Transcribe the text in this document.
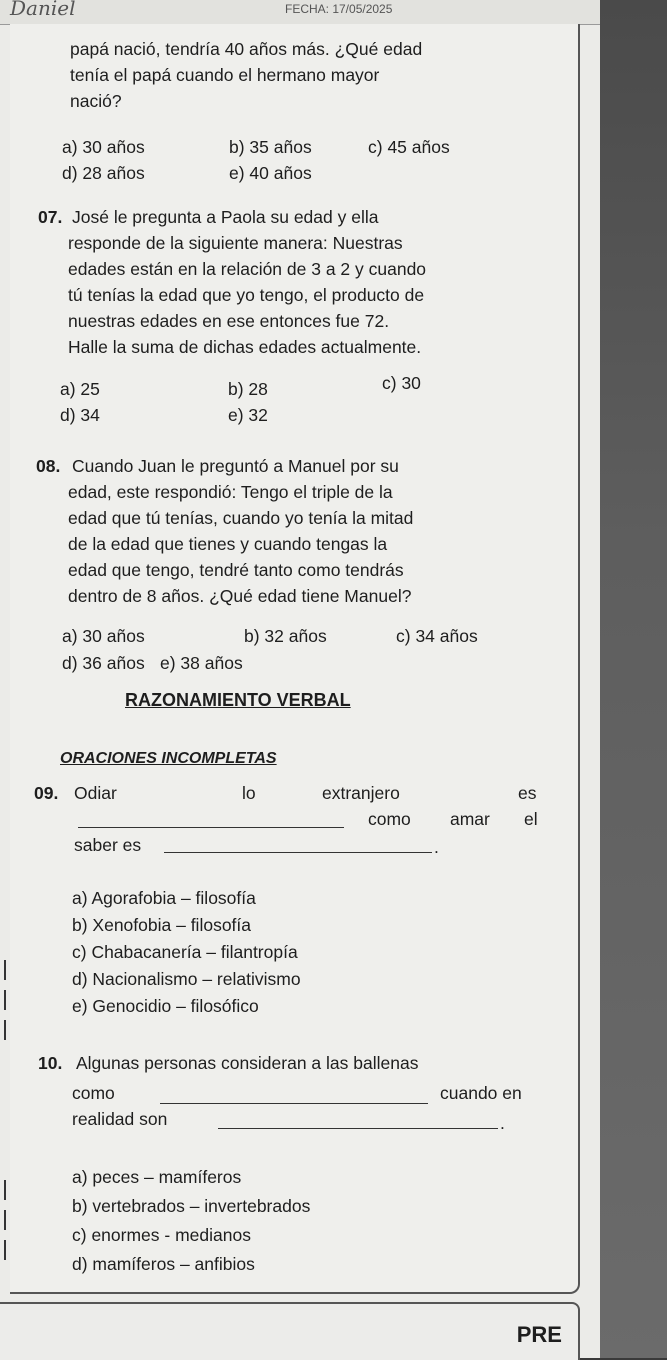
Daniel	FECHA: 17/05/2025
papá nació, tendría 40 años más. ¿Qué edad
tenía el papá cuando el hermano mayor
nació?
a) 30 años	b) 35 años	c) 45 años
d) 28 años	e) 40 años
07. José le pregunta a Paola su edad y ella
responde de la siguiente manera: Nuestras
edades están en la relación de 3 a 2 y cuando
tú tenías la edad que yo tengo, el producto de
nuestras edades en ese entonces fue 72.
Halle la suma de dichas edades actualmente.
a) 25	b) 28	c) 30
d) 34	e) 32
08. Cuando Juan le preguntó a Manuel por su
edad, este respondió: Tengo el triple de la
edad que tú tenías, cuando yo tenía la mitad
de la edad que tienes y cuando tengas la
edad que tengo, tendré tanto como tendrás
dentro de 8 años. ¿Qué edad tiene Manuel?
a) 30 años	b) 32 años	c) 34 años
d) 36 años e) 38 años
RAZONAMIENTO VERBAL
ORACIONES INCOMPLETAS
09. Odiar	lo	extranjero	es
como amar el
saber es	.
a) Agorafobia – filosofía
b) Xenofobia – filosofía
c) Chabacanería – filantropía
d) Nacionalismo – relativismo
e) Genocidio – filosófico
10. Algunas personas consideran a las ballenas
como	cuando en
realidad son	.
a) peces – mamíferos
b) vertebrados – invertebrados
c) enormes - medianos
d) mamíferos – anfibios
PRE
